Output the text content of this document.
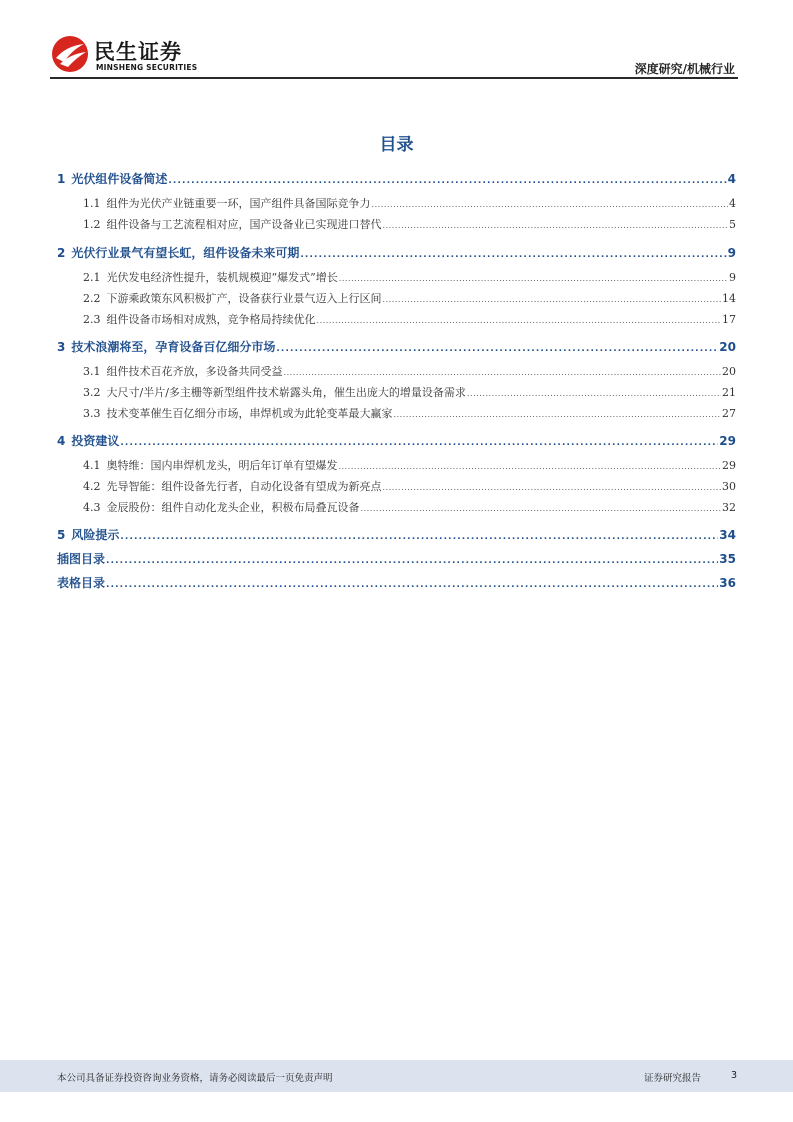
民生证券
MINSHENG SECURITIES	深度研究/机械行业
目录
1 光伏组件设备简述 . . .	4
1.1 组件为光伏产业链重要一环，国产组件具备国际竞争力 . . .	4
1.2 组件设备与工艺流程相对应，国产设备业已实现进口替代 . . .	5
2 光伏行业景气有望长虹，组件设备未来可期 . . .	9
2.1 光伏发电经济性提升，装机规模迎“爆发式”增长 . . .	9
2.2 下游乘政策东风积极扩产，设备获行业景气迈入上行区间 . . .	14
2.3 组件设备市场相对成熟，竞争格局持续优化 . . .	17
3 技术浪潮将至，孕育设备百亿细分市场 . . .	20
3.1 组件技术百花齐放，多设备共同受益 . . .	20
3.2 大尺寸/半片/多主栅等新型组件技术崭露头角，催生出庞大的增量设备需求 . . .	21
3.3 技术变革催生百亿细分市场，串焊机或为此轮变革最大赢家 . . .	27
4 投资建议 . . .	29
4.1 奥特维：国内串焊机龙头，明后年订单有望爆发 . . .	29
4.2 先导智能：组件设备先行者，自动化设备有望成为新亮点 . . .	30
4.3 金辰股份：组件自动化龙头企业，积极布局叠瓦设备 . . .	32
5 风险提示 . . .	34
插图目录 . . .	35
表格目录 . . .	36
本公司具备证券投资咨询业务资格，请务必阅读最后一页免责声明	证券研究报告	3
